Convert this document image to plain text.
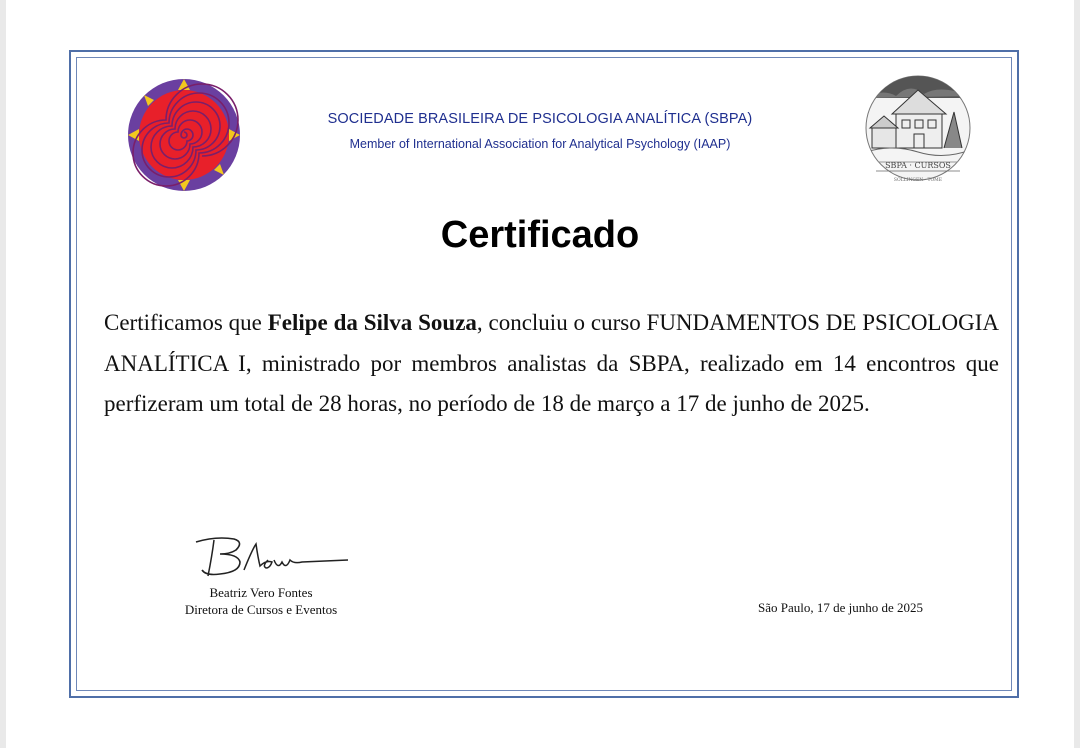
SOCIEDADE BRASILEIRA DE PSICOLOGIA ANALÍTICA (SBPA)
Member of International Association for Analytical Psychology (IAAP)
SBPA · CURSOS
SOLLINGEN · TOME
Certificado
Certificamos que Felipe da Silva Souza, concluiu o curso FUNDAMENTOS DE PSICOLOGIA ANALÍTICA I, ministrado por membros analistas da SBPA, realizado em 14 encontros que perfizeram um total de 28 horas, no período de 18 de março a 17 de junho de 2025.
Beatriz Vero Fontes
Diretora de Cursos e Eventos	São Paulo, 17 de junho de 2025
